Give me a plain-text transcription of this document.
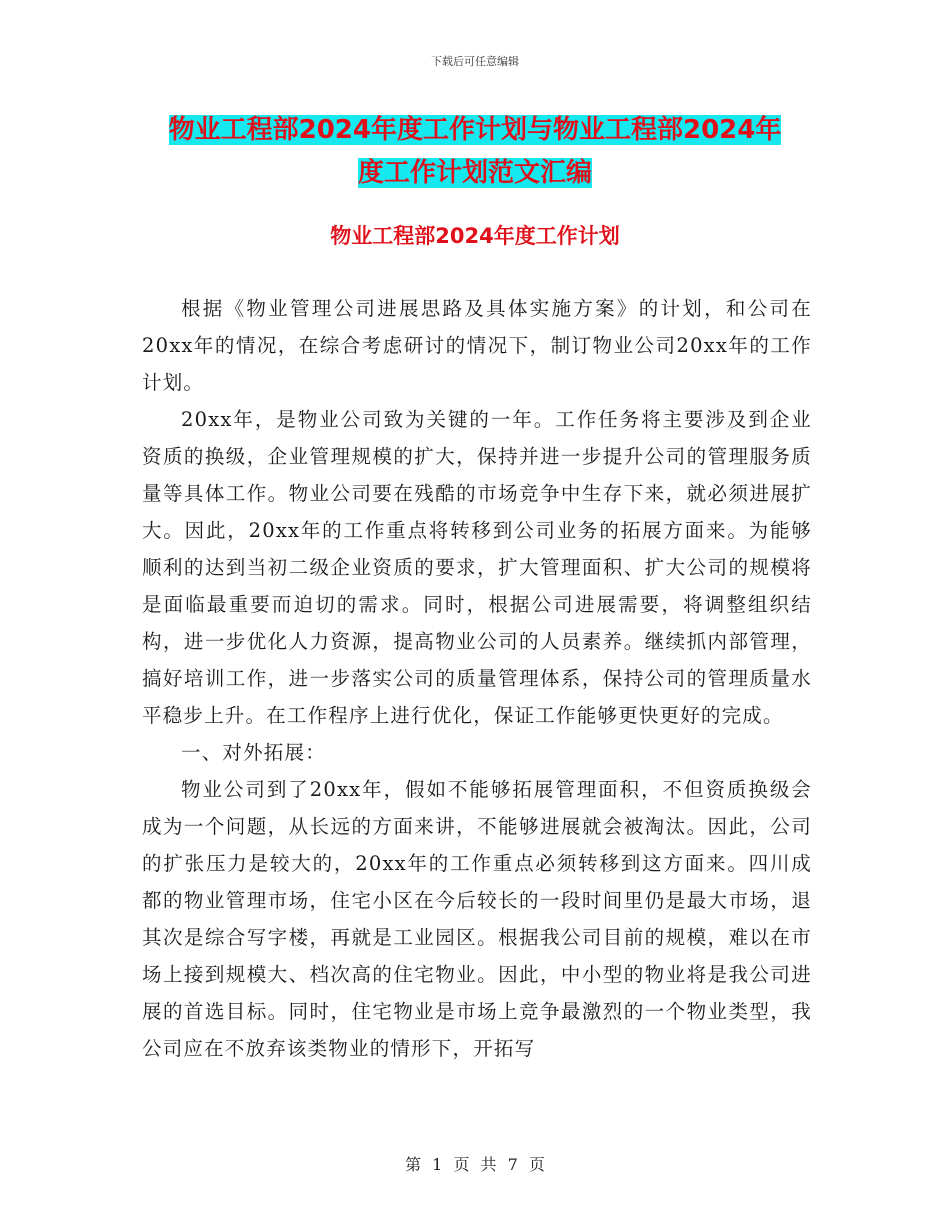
下载后可任意编辑
物业工程部2024年度工作计划与物业工程部2024年
度工作计划范文汇编
物业工程部2024年度工作计划

根据《物业管理公司进展思路及具体实施方案》的计划，和公司在20xx年的情况，在综合考虑研讨的情况下，制订物业公司20xx年的工作计划。

20xx年，是物业公司致为关键的一年。工作任务将主要涉及到企业资质的换级，企业管理规模的扩大，保持并进一步提升公司的管理服务质量等具体工作。物业公司要在残酷的市场竞争中生存下来，就必须进展扩大。因此，20xx年的工作重点将转移到公司业务的拓展方面来。为能够顺利的达到当初二级企业资质的要求，扩大管理面积、扩大公司的规模将是面临最重要而迫切的需求。同时，根据公司进展需要，将调整组织结构，进一步优化人力资源，提高物业公司的人员素养。继续抓内部管理，搞好培训工作，进一步落实公司的质量管理体系，保持公司的管理质量水平稳步上升。在工作程序上进行优化，保证工作能够更快更好的完成。

一、对外拓展：

物业公司到了20xx年，假如不能够拓展管理面积，不但资质换级会成为一个问题，从长远的方面来讲，不能够进展就会被淘汰。因此，公司的扩张压力是较大的，20xx年的工作重点必须转移到这方面来。四川成都的物业管理市场，住宅小区在今后较长的一段时间里仍是最大市场，退其次是综合写字楼，再就是工业园区。根据我公司目前的规模，难以在市场上接到规模大、档次高的住宅物业。因此，中小型的物业将是我公司进展的首选目标。同时，住宅物业是市场上竞争最激烈的一个物业类型，我公司应在不放弃该类物业的情形下，开拓写

第 1 页 共 7 页
